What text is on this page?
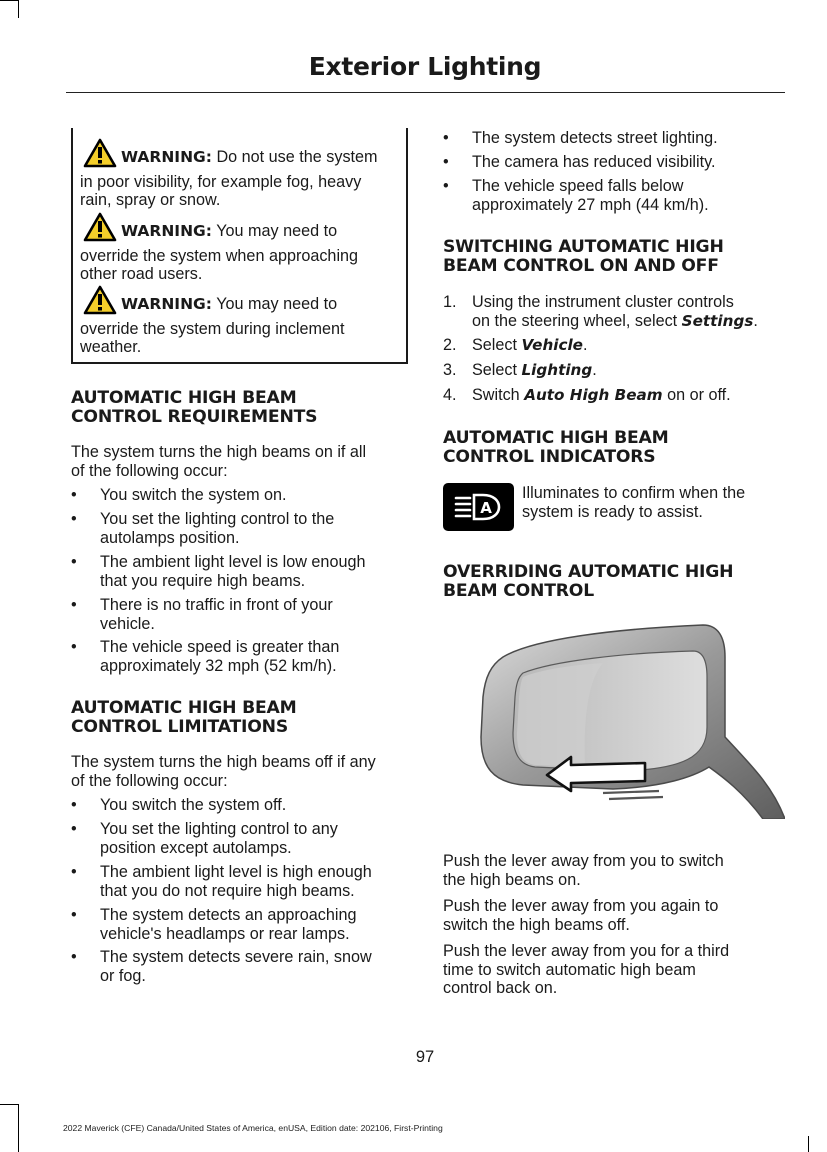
Exterior Lighting
WARNING: Do not use the system
in poor visibility, for example fog, heavy
rain, spray or snow.
WARNING: You may need to
override the system when approaching
other road users.
WARNING: You may need to
override the system during inclement
weather.
AUTOMATIC HIGH BEAM
CONTROL REQUIREMENTS
The system turns the high beams on if all
of the following occur:
• You switch the system on.
• You set the lighting control to the
autolamps position.
• The ambient light level is low enough
that you require high beams.
• There is no traffic in front of your
vehicle.
• The vehicle speed is greater than
approximately 32 mph (52 km/h).
AUTOMATIC HIGH BEAM
CONTROL LIMITATIONS
The system turns the high beams off if any
of the following occur:
• You switch the system off.
• You set the lighting control to any
position except autolamps.
• The ambient light level is high enough
that you do not require high beams.
• The system detects an approaching
vehicle's headlamps or rear lamps.
• The system detects severe rain, snow
or fog.
• The system detects street lighting.
• The camera has reduced visibility.
• The vehicle speed falls below
approximately 27 mph (44 km/h).
SWITCHING AUTOMATIC HIGH
BEAM CONTROL ON AND OFF
1. Using the instrument cluster controls
on the steering wheel, select Settings.
2. Select Vehicle.
3. Select Lighting.
4. Switch Auto High Beam on or off.
AUTOMATIC HIGH BEAM
CONTROL INDICATORS
A
Illuminates to confirm when the
system is ready to assist.
OVERRIDING AUTOMATIC HIGH
BEAM CONTROL
Push the lever away from you to switch
the high beams on.
Push the lever away from you again to
switch the high beams off.
Push the lever away from you for a third
time to switch automatic high beam
control back on.
97
2022 Maverick (CFE) Canada/United States of America, enUSA, Edition date: 202106, First-Printing
